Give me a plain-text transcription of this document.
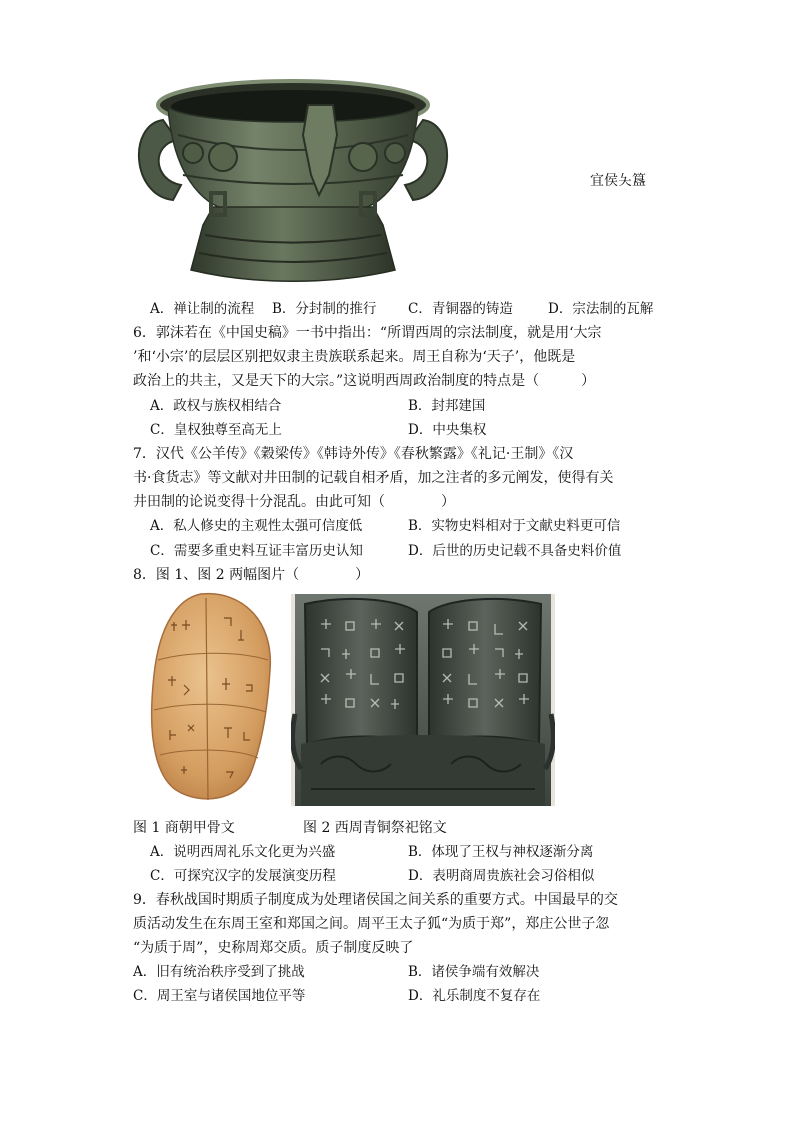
宜侯夨簋
A．禅让制的流程 B．分封制的推行 C．青铜器的铸造	D．宗法制的瓦解
6．郭沫若在《中国史稿》一书中指出：“所谓西周的宗法制度，就是用‘大宗
’和‘小宗’的层层区别把奴隶主贵族联系起来。周王自称为‘天子’，他既是
政治上的共主，又是天下的大宗。”这说明西周政治制度的特点是（　　　）
A．政权与族权相结合	B．封邦建国
C．皇权独尊至高无上	D．中央集权
7．汉代《公羊传》《穀梁传》《韩诗外传》《春秋繁露》《礼记·王制》《汉
书·食货志》等文献对井田制的记载自相矛盾，加之注者的多元阐发，使得有关
井田制的论说变得十分混乱。由此可知（　　　　）
A．私人修史的主观性太强可信度低	B．实物史料相对于文献史料更可信
C．需要多重史料互证丰富历史认知	D．后世的历史记载不具备史料价值
8．图 1、图 2 两幅图片（　　　　）
图 1 商朝甲骨文	图 2 西周青铜祭祀铭文
A．说明西周礼乐文化更为兴盛	B．体现了王权与神权逐渐分离
C．可探究汉字的发展演变历程	D．表明商周贵族社会习俗相似
9．春秋战国时期质子制度成为处理诸侯国之间关系的重要方式。中国最早的交
质活动发生在东周王室和郑国之间。周平王太子狐“为质于郑”，郑庄公世子忽
“为质于周”，史称周郑交质。质子制度反映了
A．旧有统治秩序受到了挑战	B．诸侯争端有效解决
C．周王室与诸侯国地位平等	D．礼乐制度不复存在
